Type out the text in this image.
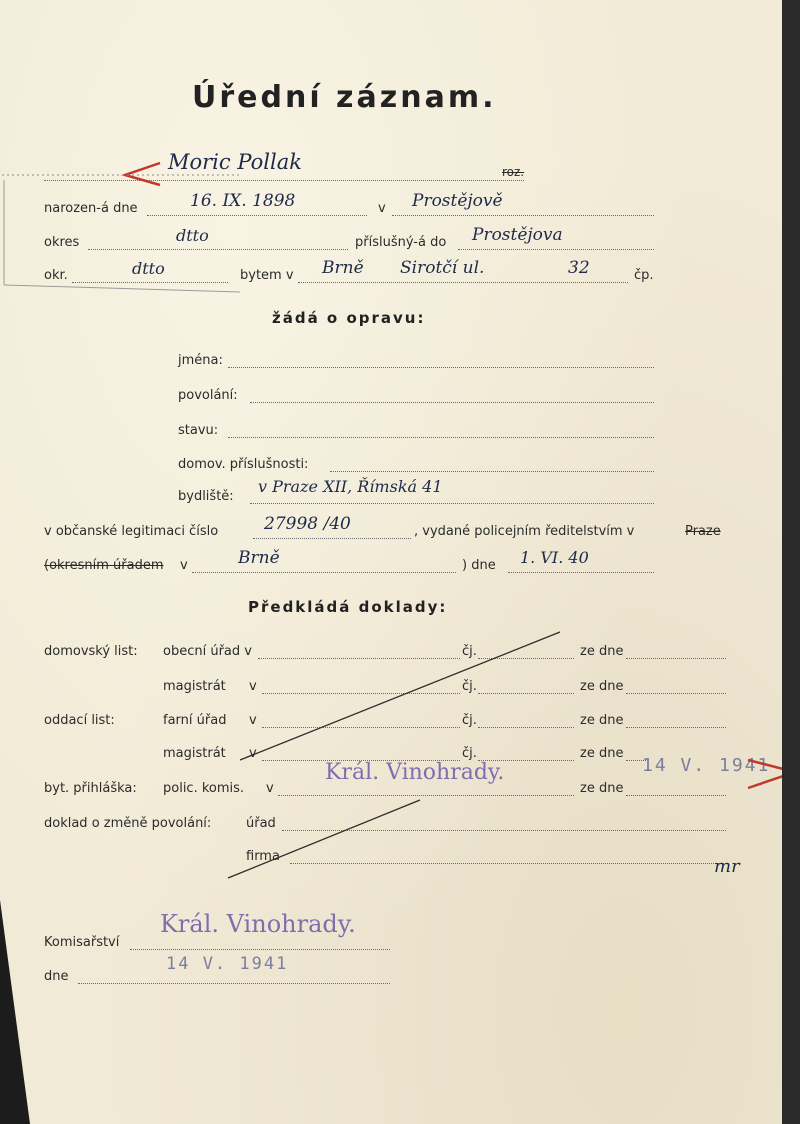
Úřední záznam.
Moric Pollak	roz.
narozen-á dne	16. IX. 1898	v Prostějově
okres	dtto	příslušný-á do Prostějova
okr.	dtto	bytem v Brně Sirotčí ul.	32	čp.
žádá o opravu:
jména:
povolání:
stavu:
domov. příslušnosti:
bydliště:
v Praze XII, Římská 41
v občanské legitimaci číslo	27998 /40	, vydané policejním ředitelstvím v	Praze
(okresním úřadem v	Brně	) dne 1. VI. 40
Předkládá doklady:
domovský list: obecní úřad v	čj.	ze dne
magistrát v	čj.	ze dne
oddací list:	farní úřad v	čj.	ze dne
magistrát v	čj.	ze dne
byt. přihláška: polic. komis. v	ze dne
doklad o změně povolání:	úřad
firma
Král. Vinohrady.	14 V. 1941
mr
Král. Vinohrady.
Komisařství
14 V. 1941
dne
